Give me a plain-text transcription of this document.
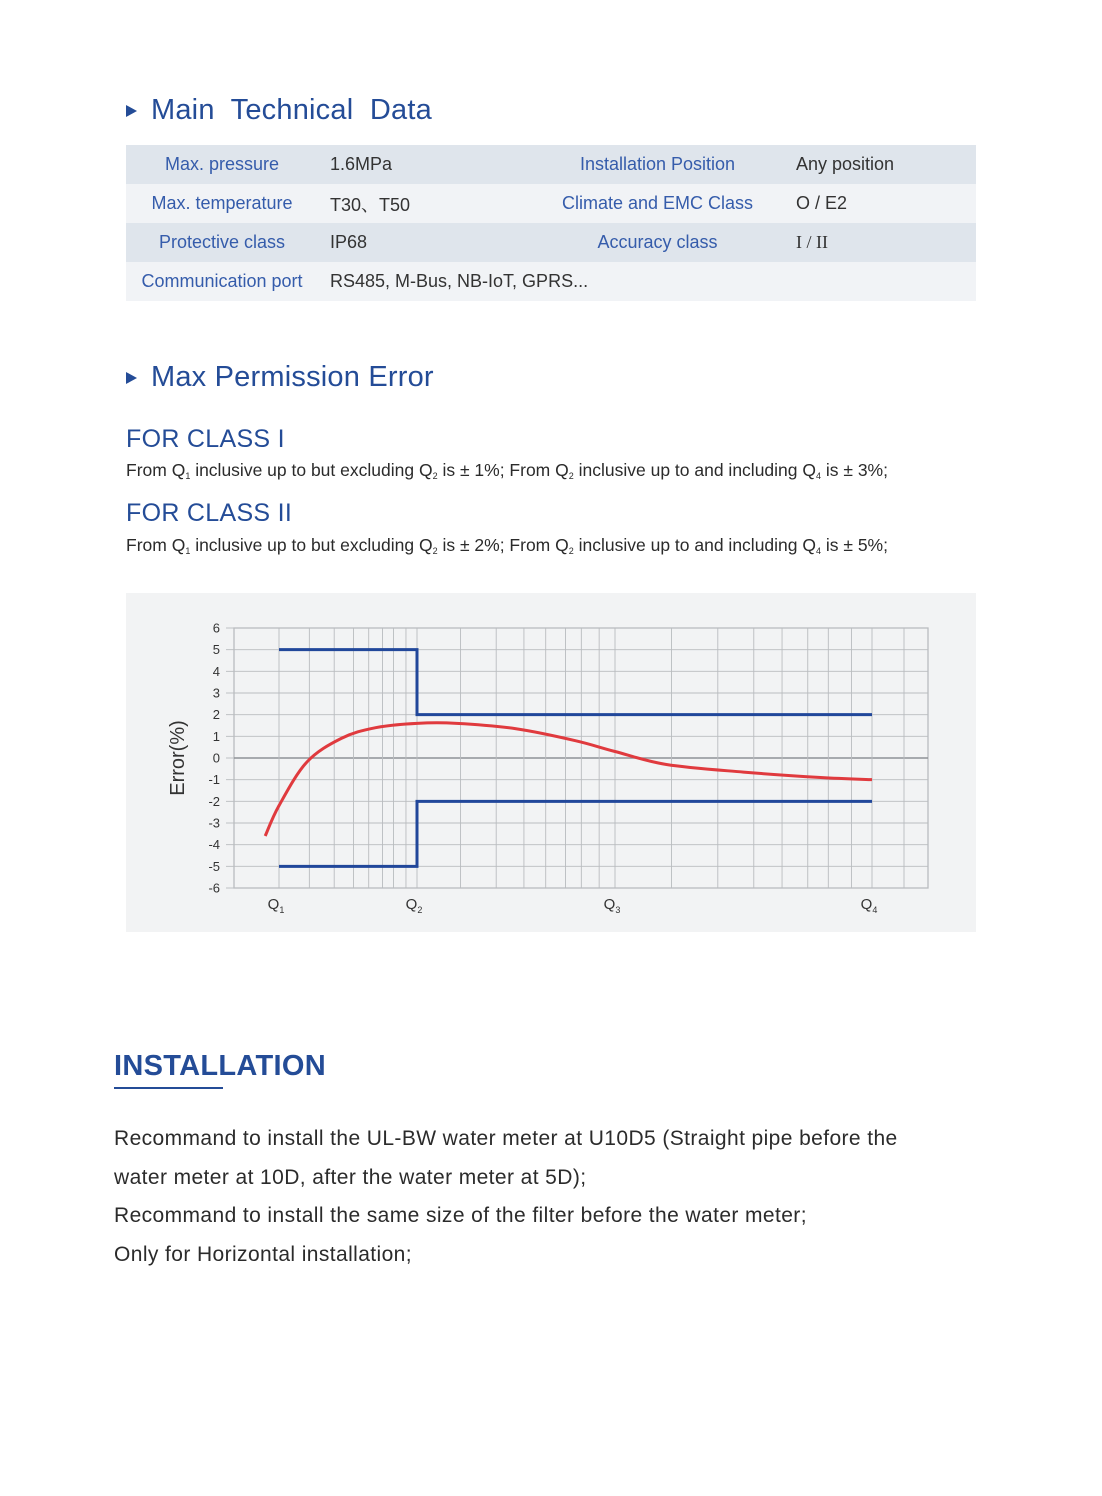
Main  Technical  Data
Max. pressure	1.6MPa	Installation Position	Any position
Max. temperature	T30、T50	Climate and EMC Class	O / E2
Protective class	IP68	Accuracy class	I / II
Communication port	RS485, M-Bus, NB-IoT, GPRS...		
Max Permission Error
FOR CLASS I
From $Q_1$ inclusive up to but excluding $Q_2$ is ± 1%; From $Q_2$ inclusive up to and including $Q_4$ is ± 3%;
FOR CLASS II
From $Q_1$ inclusive up to but excluding $Q_2$ is ± 2%; From $Q_2$ inclusive up to and including $Q_4$ is ± 5%;
6
5
4
3
2
1
0
-1
-2
-3
-4
-5
-6
Error(%)
$Q_1$	$Q_2$	$Q_3$	$Q_4$
INSTALLATION

Recommand to install the UL-BW water meter at U10D5 (Straight pipe before the

water meter at 10D, after the water meter at 5D);

Recommand to install the same size of the filter before the water meter;

Only for Horizontal installation;
